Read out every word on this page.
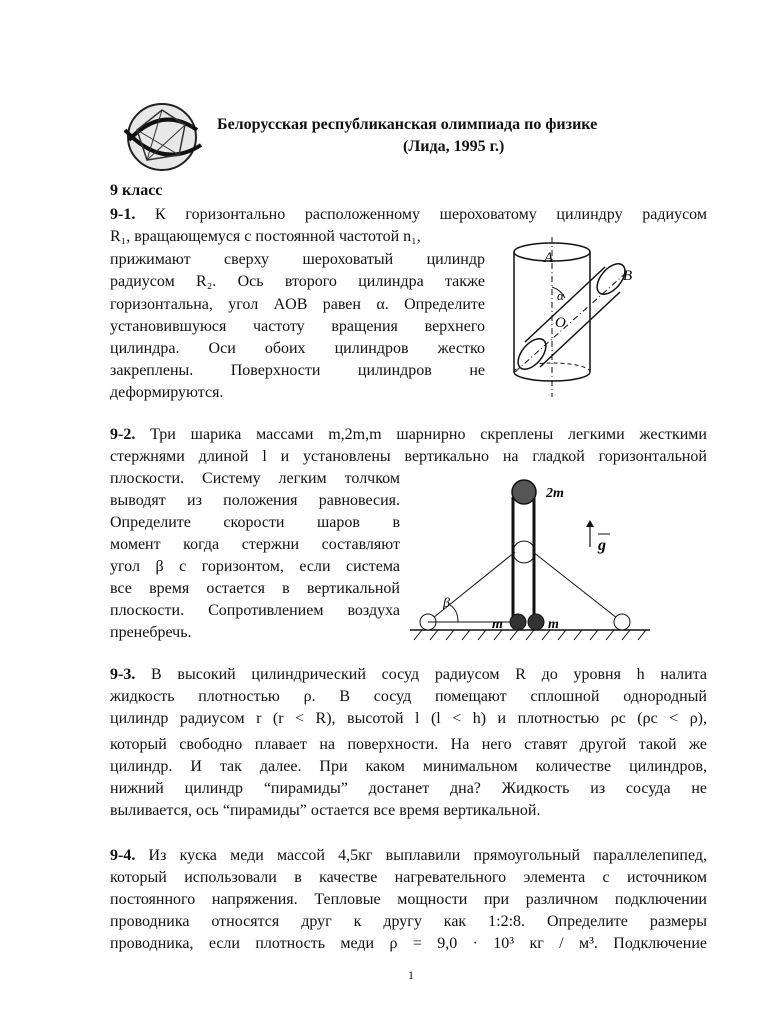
Белорусская республиканская олимпиада по физике
(Лида, 1995 г.)
9 класс
9-1. К горизонтально расположенному шероховатому цилиндру радиусом
R₁, вращающемуся с постоянной частотой n₁,
прижимают сверху шероховатый цилиндр
радиусом R₂. Ось второго цилиндра также
горизонтальна, угол AOB равен α. Определите
установившуюся частоту вращения верхнего
цилиндра. Оси обоих цилиндров жестко
закреплены. Поверхности цилиндров не
деформируются.
A
B
O
α
9-2. Три шарика массами m,2m,m шарнирно скреплены легкими жесткими
стержнями длиной l и установлены вертикально на гладкой горизонтальной
плоскости. Системy легким толчком
выводят из положения равновесия.
Определите скорости шаров в
момент когда стержни составляют
угол β с горизонтом, если система
все время остается в вертикальной
плоскости. Сопротивлением воздуха
пренебречь.
2m
m	m
β
g
9-3. В высокий цилиндрический сосуд радиусом R до уровня h налита
жидкость плотностью ρ. В сосуд помещают сплошной однородный
цилиндр радиусом r (r < R), высотой l (l < h) и плотностью ρc (ρc < ρ),
который свободно плавает на поверхности. На него ставят другой такой же
цилиндр. И так далее. При каком минимальном количестве цилиндров,
нижний цилиндр “пирамиды” достанет дна? Жидкость из сосуда не
выливается, ось “пирамиды” остается все время вертикальной.
9-4. Из куска меди массой 4,5кг выплавили прямоугольный параллелепипед,
который использовали в качестве нагревательного элемента с источником
постоянного напряжения. Тепловые мощности при различном подключении
проводника относятся друг к другу как 1:2:8. Определите размеры
проводника, если плотность меди ρ = 9,0 · 10³ кг / м³. Подключение
1
